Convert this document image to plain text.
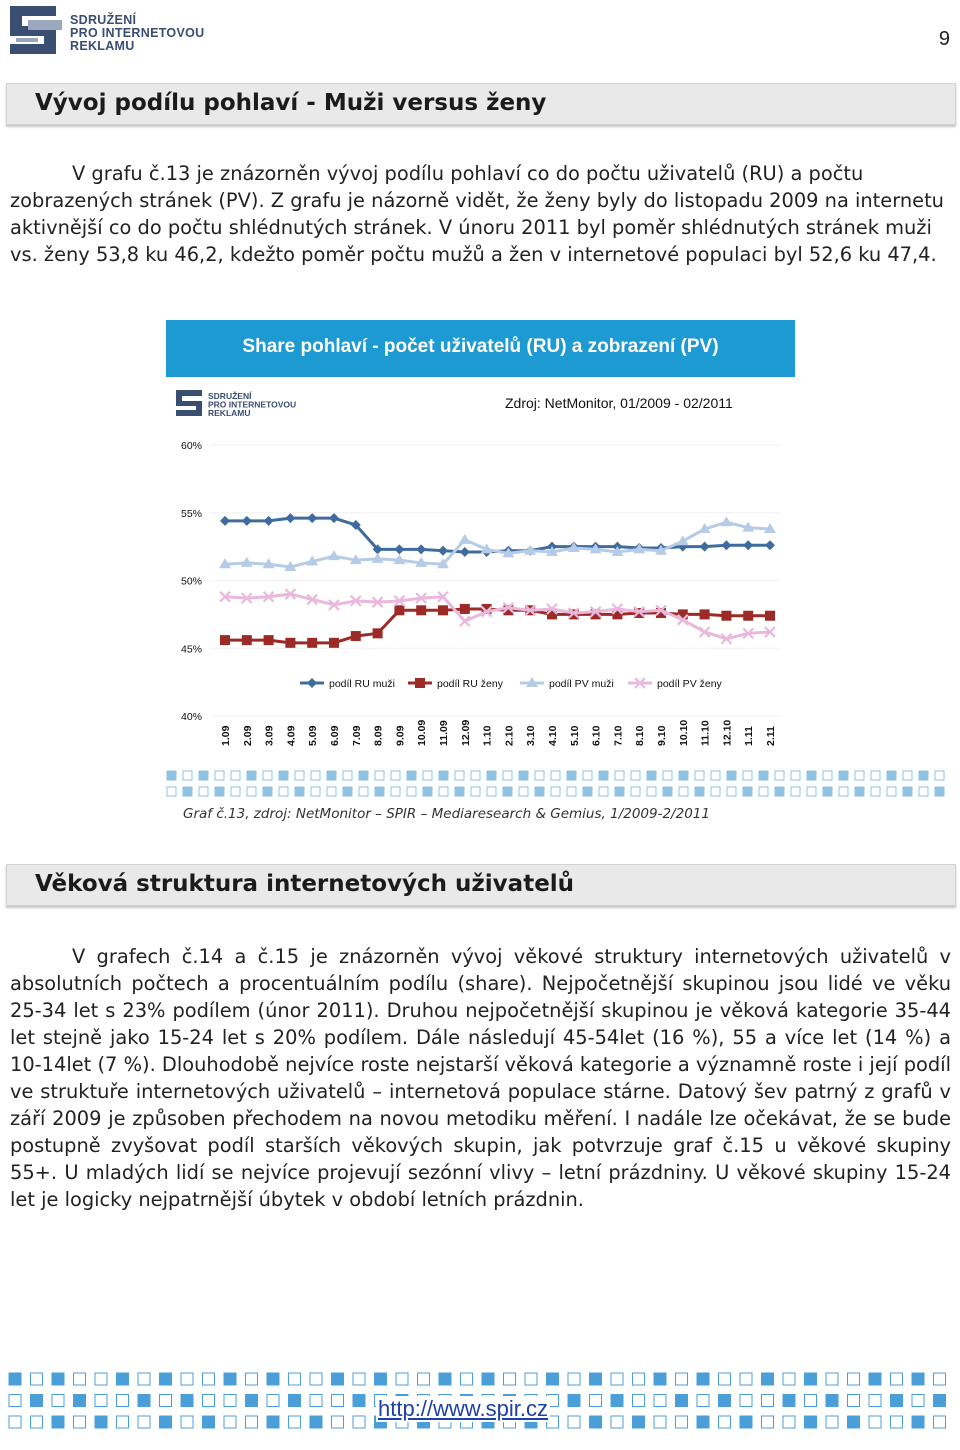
SDRUŽENÍ
PRO INTERNETOVOU
REKLAMU	9
Vývoj podílu pohlaví - Muži versus ženy
V grafu č.13 je znázorněn vývoj podílu pohlaví co do počtu uživatelů (RU) a počtu zobrazených stránek (PV). Z grafu je názorně vidět, že ženy byly do listopadu 2009 na internetu aktivnější co do počtu shlédnutých stránek. V únoru 2011 byl poměr shlédnutých stránek muži vs. ženy 53,8 ku 46,2, kdežto poměr počtu mužů a žen v internetové populaci byl 52,6 ku 47,4.
Share pohlaví - počet uživatelů (RU) a zobrazení (PV)
SDRUŽENÍ
PRO INTERNETOVOU
REKLAMU
Zdroj: NetMonitor, 01/2009 - 02/2011
60%
55%
50%
45%
40%
1.09 2.09 3.09 4.09 5.09 6.09 7.09 8.09 9.09 10.09 11.09 12.09 1.10 2.10 3.10 4.10 5.10 6.10 7.10 8.10 9.10 10.10 11.10 12.10 1.11 2.11
podíl RU muži	podíl RU ženy	podíl PV muži	podíl PV ženy
Graf č.13, zdroj: NetMonitor – SPIR – Mediaresearch & Gemius, 1/2009-2/2011
Věková struktura internetových uživatelů
V grafech č.14 a č.15 je znázorněn vývoj věkové struktury internetových uživatelů v absolutních počtech a procentuálním podílu (share). Nejpočetnější skupinou jsou lidé ve věku 25-34 let s 23% podílem (únor 2011). Druhou nejpočetnější skupinou je věková kategorie 35-44 let stejně jako 15-24 let s 20% podílem. Dále následují 45-54let (16 %), 55 a více let (14 %) a 10-14let (7 %). Dlouhodobě nejvíce roste nejstarší věková kategorie a významně roste i její podíl ve struktuře internetových uživatelů – internetová populace stárne. Datový šev patrný z grafů v září 2009 je způsoben přechodem na novou metodiku měření. I nadále lze očekávat, že se bude postupně zvyšovat podíl starších věkových skupin, jak potvrzuje graf č.15 u věkové skupiny 55+. U mladých lidí se nejvíce projevují sezónní vlivy – letní prázdniny. U věkové skupiny 15-24 let je logicky nejpatrnější úbytek v období letních prázdnin.
http://www.spir.cz
